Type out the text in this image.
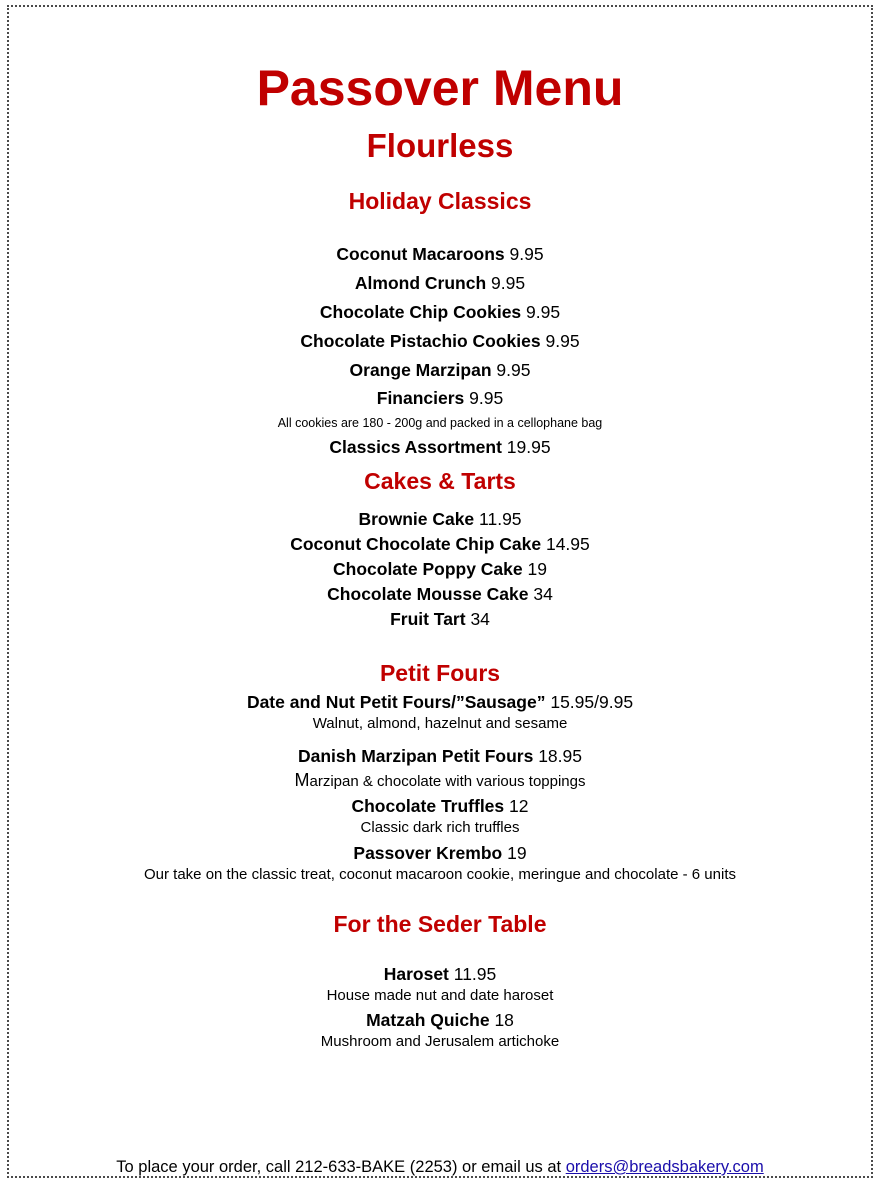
Passover Menu
Flourless
Holiday Classics
Coconut Macaroons 9.95
Almond Crunch 9.95
Chocolate Chip Cookies 9.95
Chocolate Pistachio Cookies 9.95
Orange Marzipan 9.95
Financiers 9.95
All cookies are 180 - 200g and packed in a cellophane bag
Classics Assortment 19.95
Cakes & Tarts
Brownie Cake 11.95
Coconut Chocolate Chip Cake 14.95
Chocolate Poppy Cake 19
Chocolate Mousse Cake 34
Fruit Tart 34
Petit Fours
Date and Nut Petit Fours/”Sausage” 15.95/9.95
Walnut, almond, hazelnut and sesame
Danish Marzipan Petit Fours 18.95
Marzipan & chocolate with various toppings
Chocolate Truffles 12
Classic dark rich truffles
Passover Krembo 19
Our take on the classic treat, coconut macaroon cookie, meringue and chocolate - 6 units
For the Seder Table
Haroset 11.95
House made nut and date haroset
Matzah Quiche 18
Mushroom and Jerusalem artichoke
To place your order, call 212-633-BAKE (2253) or email us at orders@breadsbakery.com
